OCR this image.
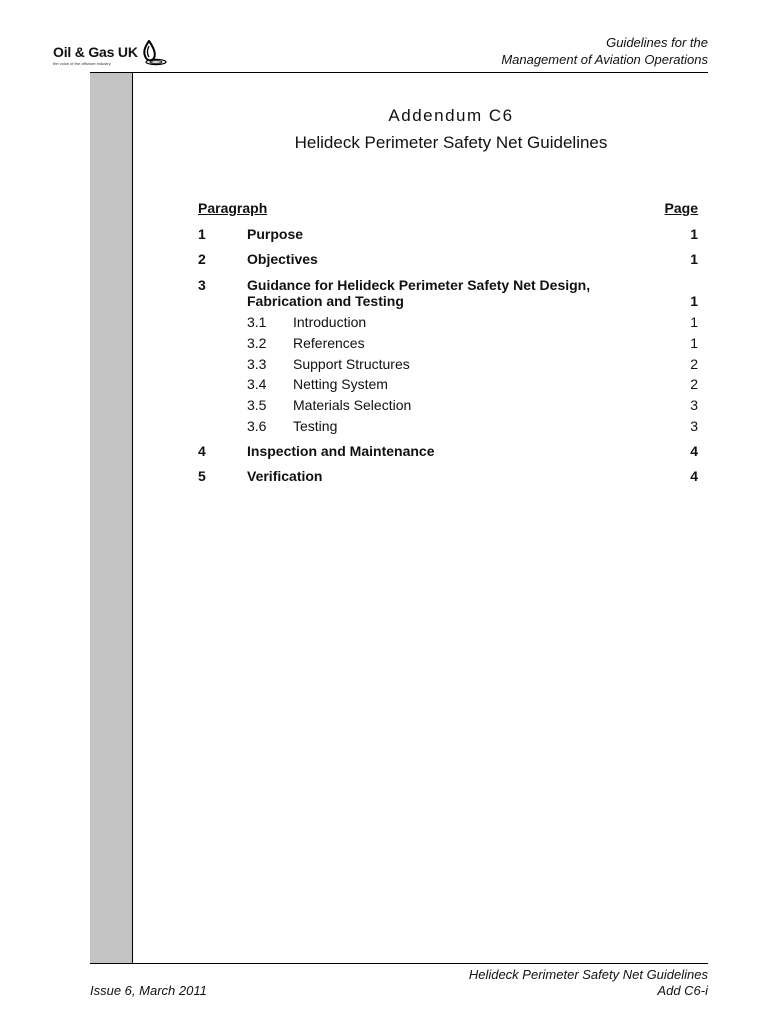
Oil & Gas UK
the voice of the offshore industry
Guidelines for the
Management of Aviation Operations
Addendum C6
Helideck Perimeter Safety Net Guidelines
Paragraph	Page
1	Purpose	1
2	Objectives	1
3	Guidance for Helideck Perimeter Safety Net Design,
Fabrication and Testing	1
3.1 Introduction	1
3.2 References	1
3.3 Support Structures	2
3.4 Netting System	2
3.5 Materials Selection	3
3.6 Testing	3
4	Inspection and Maintenance	4
5	Verification	4
Helideck Perimeter Safety Net Guidelines
Add C6-i
Issue 6, March 2011
